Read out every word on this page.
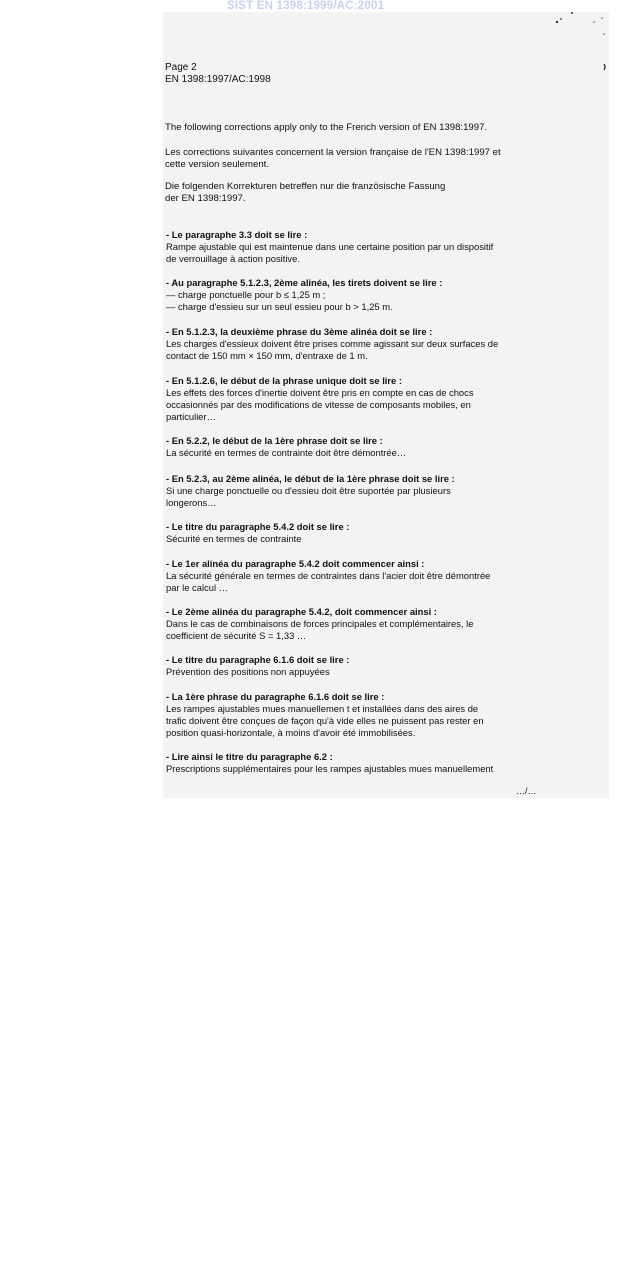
SIST EN 1398:1999/AC:2001
Page 2
EN 1398:1997/AC:1998
The following corrections apply only to the French version of EN 1398:1997.
Les corrections suivantes concernent la version française de l'EN 1398:1997 et
cette version seulement.
Die folgenden Korrekturen betreffen nur die französische Fassung
der EN 1398:1997.
- Le paragraphe 3.3 doit se lire :
Rampe ajustable qui est maintenue dans une certaine position par un dispositif
de verrouillage à action positive.
- Au paragraphe 5.1.2.3, 2ème alinéa, les tirets doivent se lire :
— charge ponctuelle pour b ≤ 1,25 m ;
— charge d'essieu sur un seul essieu pour b > 1,25 m.
- En 5.1.2.3, la deuxième phrase du 3ème alinéa doit se lire :
Les charges d'essieux doivent être prises comme agissant sur deux surfaces de
contact de 150 mm × 150 mm, d'entraxe de 1 m.
- En 5.1.2.6, le début de la phrase unique doit se lire :
Les effets des forces d'inertie doivent être pris en compte en cas de chocs
occasionnés par des modifications de vitesse de composants mobiles, en
particulier…
- En 5.2.2, le début de la 1ère phrase doit se lire :
La sécurité en termes de contrainte doit être démontrée…
- En 5.2.3, au 2ème alinéa, le début de la 1ère phrase doit se lire :
Si une charge ponctuelle ou d'essieu doit être suportée par plusieurs
longerons…
- Le titre du paragraphe 5.4.2 doit se lire :
Sécurité en termes de contrainte
- Le 1er alinéa du paragraphe 5.4.2 doit commencer ainsi :
La sécurité générale en termes de contraintes dans l'acier doit être démontrée
par le calcul …
- Le 2ème alinéa du paragraphe 5.4.2, doit commencer ainsi :
Dans le cas de combinaisons de forces principales et complémentaires, le
coefficient de sécurité S = 1,33 …
- Le titre du paragraphe 6.1.6 doit se lire :
Prévention des positions non appuyées
- La 1ère phrase du paragraphe 6.1.6 doit se lire :
Les rampes ajustables mues manuellemen t et installées dans des aires de
trafic doivent être conçues de façon qu'à vide elles ne puissent pas rester en
position quasi-horizontale, à moins d'avoir été immobilisées.
- Lire ainsi le titre du paragraphe 6.2 :
Prescriptions supplémentaires pour les rampes ajustables mues manuellement
…/…
